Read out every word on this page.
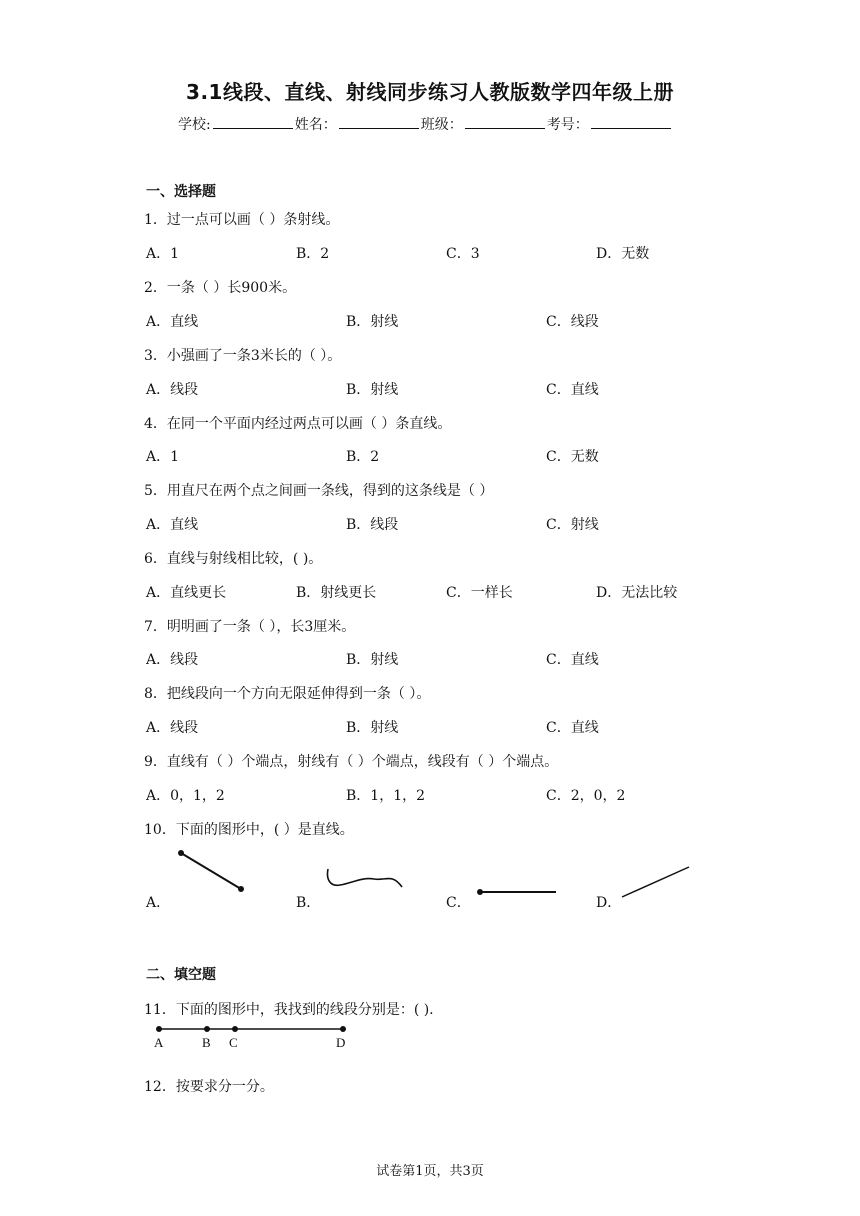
3.1线段、直线、射线同步练习人教版数学四年级上册
学校:	姓名：	班级：	考号：
一、选择题
1．过一点可以画（ ）条射线。
A．1	B．2	C．3	D．无数
2．一条（ ）长900米。
A．直线	B．射线	C．线段
3．小强画了一条3米长的（ ）。
A．线段	B．射线	C．直线
4．在同一个平面内经过两点可以画（ ）条直线。
A．1	B．2	C．无数
5．用直尺在两个点之间画一条线，得到的这条线是（ ）
A．直线	B．线段	C．射线
6．直线与射线相比较，( )。
A．直线更长	B．射线更长	C．一样长	D．无法比较
7．明明画了一条（ ），长3厘米。
A．线段	B．射线	C．直线
8．把线段向一个方向无限延伸得到一条（ ）。
A．线段	B．射线	C．直线
9．直线有（ ）个端点，射线有（ ）个端点，线段有（ ）个端点。
A．0，1，2	B．1，1，2	C．2，0，2
10．下面的图形中，( ）是直线。
A．	B．	C．	D．
二、填空题
11．下面的图形中，我找到的线段分别是：( ).
A	B C	D
12．按要求分一分。
试卷第1页，共3页
